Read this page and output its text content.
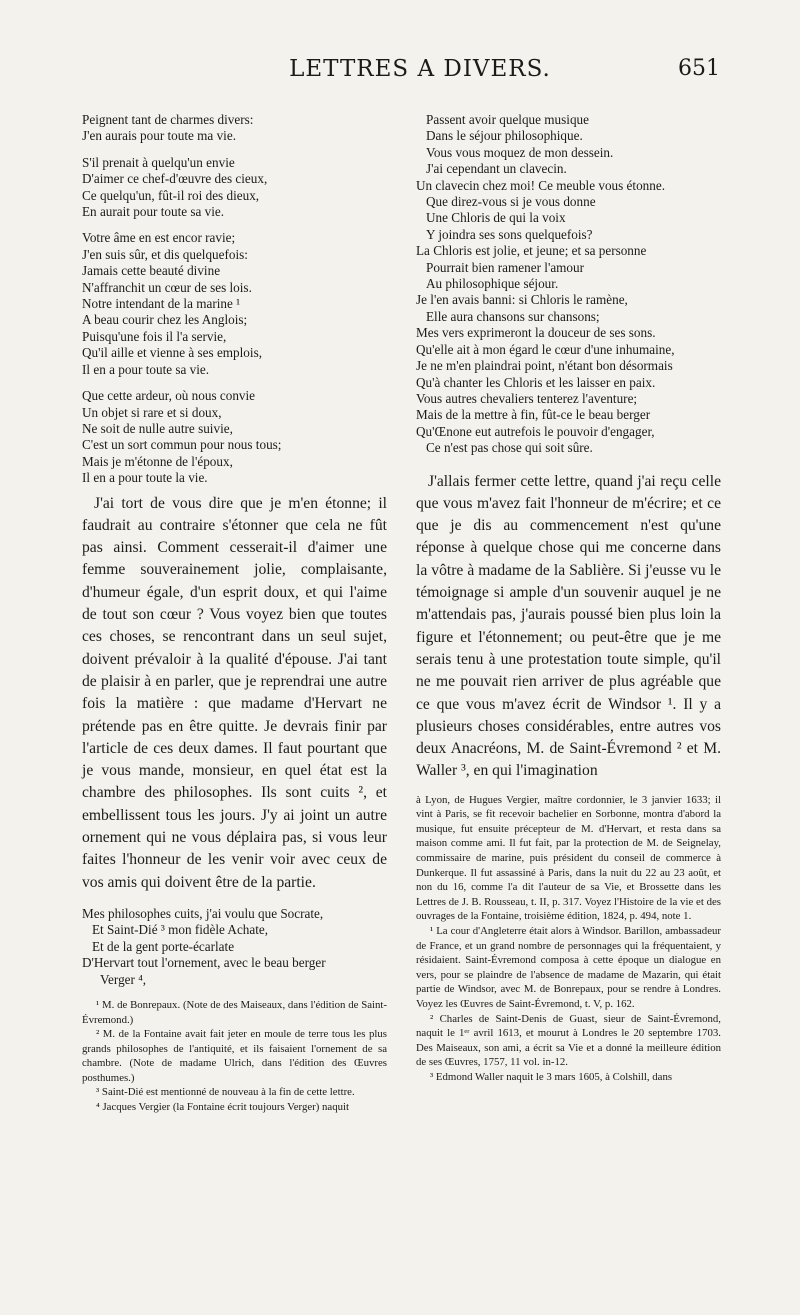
LETTRES A DIVERS.	651
Peignent tant de charmes divers:
J'en aurais pour toute ma vie.
S'il prenait à quelqu'un envie
D'aimer ce chef-d'œuvre des cieux,
Ce quelqu'un, fût-il roi des dieux,
En aurait pour toute sa vie.
Votre âme en est encor ravie;
J'en suis sûr, et dis quelquefois:
Jamais cette beauté divine
N'affranchit un cœur de ses lois.
Notre intendant de la marine ¹
A beau courir chez les Anglois;
Puisqu'une fois il l'a servie,
Qu'il aille et vienne à ses emplois,
Il en a pour toute sa vie.
Que cette ardeur, où nous convie
Un objet si rare et si doux,
Ne soit de nulle autre suivie,
C'est un sort commun pour nous tous;
Mais je m'étonne de l'époux,
Il en a pour toute la vie.

J'ai tort de vous dire que je m'en étonne; il faudrait au contraire s'étonner que cela ne fût pas ainsi. Comment cesserait-il d'aimer une femme souverainement jolie, complaisante, d'humeur égale, d'un esprit doux, et qui l'aime de tout son cœur ? Vous voyez bien que toutes ces choses, se rencontrant dans un seul sujet, doivent prévaloir à la qualité d'épouse. J'ai tant de plaisir à en parler, que je reprendrai une autre fois la matière : que madame d'Hervart ne prétende pas en être quitte. Je devrais finir par l'article de ces deux dames. Il faut pourtant que je vous mande, monsieur, en quel état est la chambre des philosophes. Ils sont cuits ², et embellissent tous les jours. J'y ai joint un autre ornement qui ne vous déplaira pas, si vous leur faites l'honneur de les venir voir avec ceux de vos amis qui doivent être de la partie.

Mes philosophes cuits, j'ai voulu que Socrate,
Et Saint-Dié ³ mon fidèle Achate,
Et de la gent porte-écarlate
D'Hervart tout l'ornement, avec le beau berger
Verger ⁴,

¹ M. de Bonrepaux. (Note de des Maiseaux, dans l'édition de Saint-Évremond.)

² M. de la Fontaine avait fait jeter en moule de terre tous les plus grands philosophes de l'antiquité, et ils faisaient l'ornement de sa chambre. (Note de madame Ulrich, dans l'édition des Œuvres posthumes.)

³ Saint-Dié est mentionné de nouveau à la fin de cette lettre.

⁴ Jacques Vergier (la Fontaine écrit toujours Verger) naquit

Passent avoir quelque musique
Dans le séjour philosophique.
Vous vous moquez de mon dessein.
J'ai cependant un clavecin.
Un clavecin chez moi! Ce meuble vous étonne.
Que direz-vous si je vous donne
Une Chloris de qui la voix
Y joindra ses sons quelquefois?
La Chloris est jolie, et jeune; et sa personne
Pourrait bien ramener l'amour
Au philosophique séjour.
Je l'en avais banni: si Chloris le ramène,
Elle aura chansons sur chansons;
Mes vers exprimeront la douceur de ses sons.
Qu'elle ait à mon égard le cœur d'une inhumaine,
Je ne m'en plaindrai point, n'étant bon désormais
Qu'à chanter les Chloris et les laisser en paix.
Vous autres chevaliers tenterez l'aventure;
Mais de la mettre à fin, fût-ce le beau berger
Qu'Œnone eut autrefois le pouvoir d'engager,
Ce n'est pas chose qui soit sûre.

J'allais fermer cette lettre, quand j'ai reçu celle que vous m'avez fait l'honneur de m'écrire; et ce que je dis au commencement n'est qu'une réponse à quelque chose qui me concerne dans la vôtre à madame de la Sablière. Si j'eusse vu le témoignage si ample d'un souvenir auquel je ne m'attendais pas, j'aurais poussé bien plus loin la figure et l'étonnement; ou peut-être que je me serais tenu à une protestation toute simple, qu'il ne me pouvait rien arriver de plus agréable que ce que vous m'avez écrit de Windsor ¹. Il y a plusieurs choses considérables, entre autres vos deux Anacréons, M. de Saint-Évremond ² et M. Waller ³, en qui l'imagination

à Lyon, de Hugues Vergier, maître cordonnier, le 3 janvier 1633; il vint à Paris, se fit recevoir bachelier en Sorbonne, montra d'abord la musique, fut ensuite précepteur de M. d'Hervart, et resta dans sa maison comme ami. Il fut fait, par la protection de M. de Seignelay, commissaire de marine, puis président du conseil de commerce à Dunkerque. Il fut assassiné à Paris, dans la nuit du 22 au 23 août, et non du 16, comme l'a dit l'auteur de sa Vie, et Brossette dans les Lettres de J. B. Rousseau, t. II, p. 317. Voyez l'Histoire de la vie et des ouvrages de la Fontaine, troisième édition, 1824, p. 494, note 1.

¹ La cour d'Angleterre était alors à Windsor. Barillon, ambassadeur de France, et un grand nombre de personnages qui la fréquentaient, y résidaient. Saint-Évremond composa à cette époque un dialogue en vers, pour se plaindre de l'absence de madame de Mazarin, qui était partie de Windsor, avec M. de Bonrepaux, pour se rendre à Londres. Voyez les Œuvres de Saint-Évremond, t. V, p. 162.

² Charles de Saint-Denis de Guast, sieur de Saint-Évremond, naquit le 1ᵉʳ avril 1613, et mourut à Londres le 20 septembre 1703. Des Maiseaux, son ami, a écrit sa Vie et a donné la meilleure édition de ses Œuvres, 1757, 11 vol. in-12.

³ Edmond Waller naquit le 3 mars 1605, à Colshill, dans
